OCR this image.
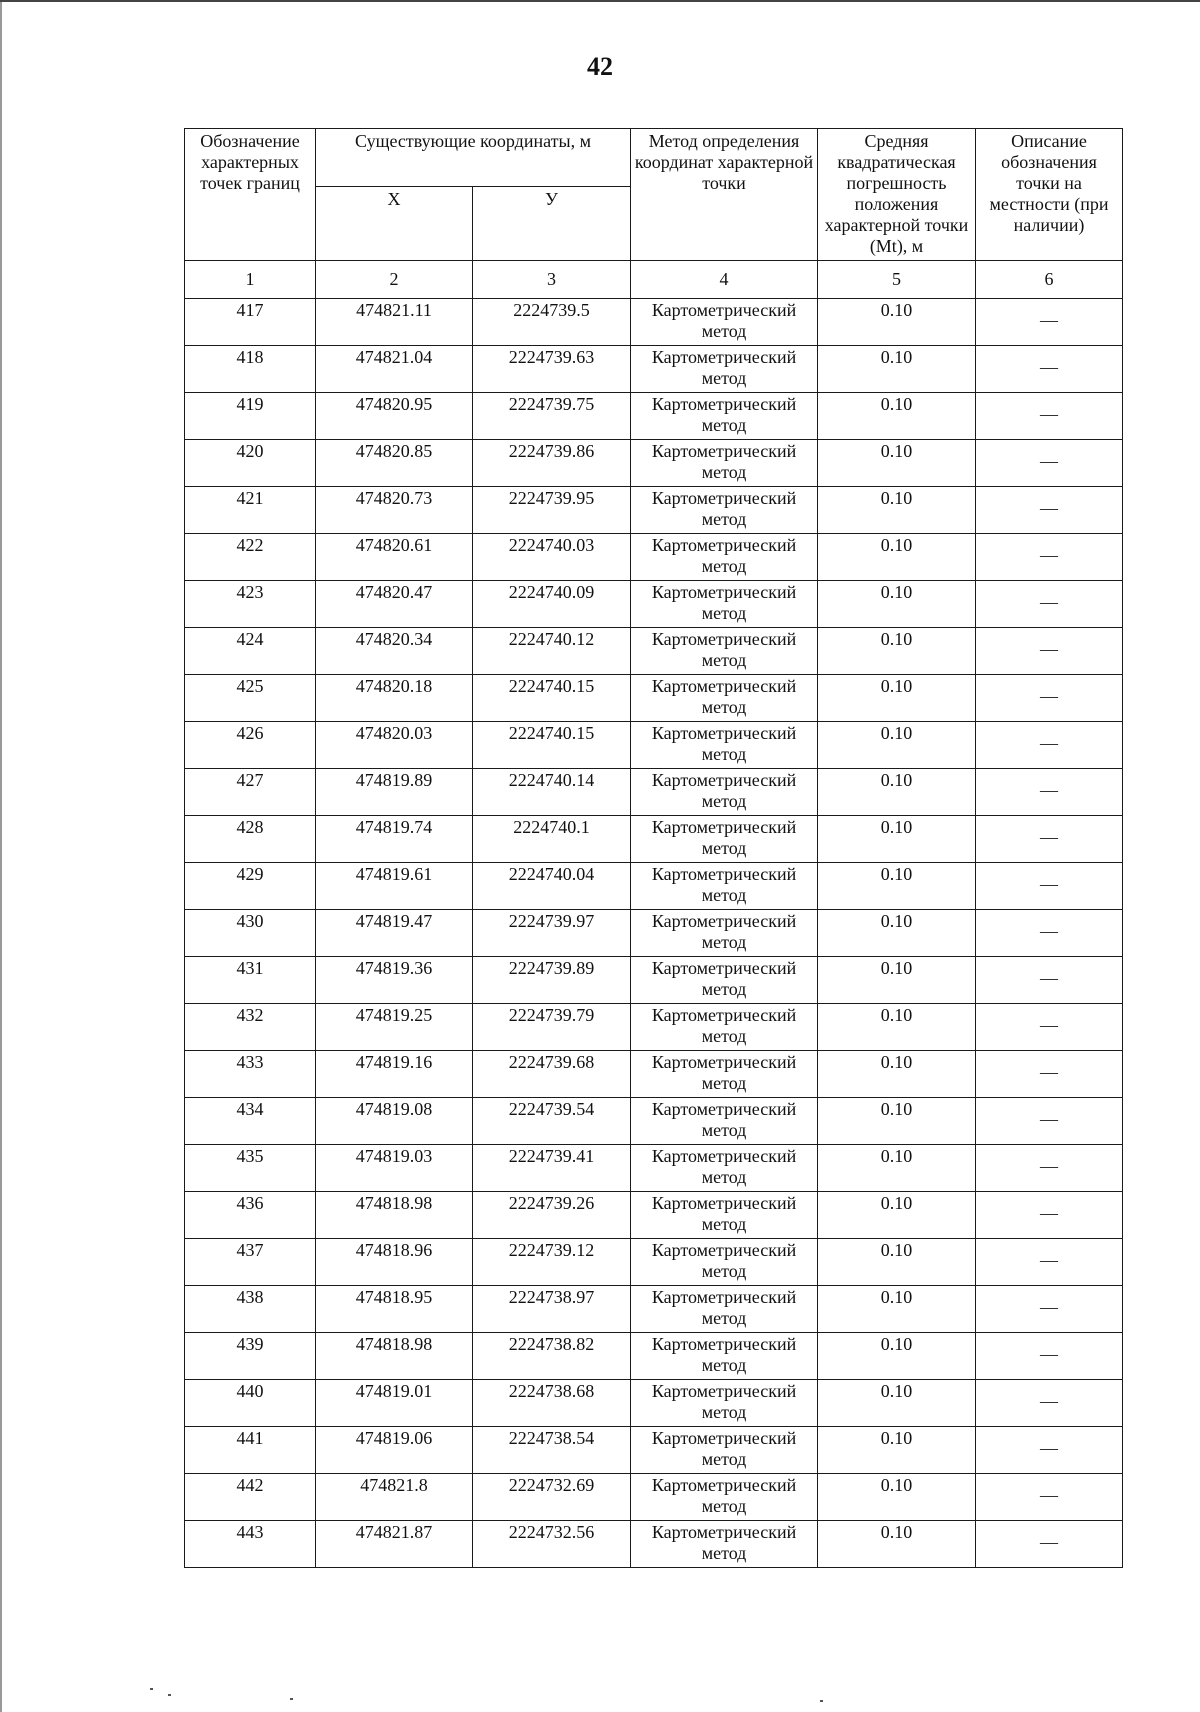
42
Обозначение характерных точек границ	Существующие координаты, м		Метод определения координат характерной точки	Средняя квадратическая погрешность положения характерной точки (Mt), м	Описание обозначения точки на местности (при наличии)
	Х	У			
1	2	3	4	5	6
417	474821.11	2224739.5	Картометрический метод	0.10	—
418	474821.04	2224739.63	Картометрический метод	0.10	—
419	474820.95	2224739.75	Картометрический метод	0.10	—
420	474820.85	2224739.86	Картометрический метод	0.10	—
421	474820.73	2224739.95	Картометрический метод	0.10	—
422	474820.61	2224740.03	Картометрический метод	0.10	—
423	474820.47	2224740.09	Картометрический метод	0.10	—
424	474820.34	2224740.12	Картометрический метод	0.10	—
425	474820.18	2224740.15	Картометрический метод	0.10	—
426	474820.03	2224740.15	Картометрический метод	0.10	—
427	474819.89	2224740.14	Картометрический метод	0.10	—
428	474819.74	2224740.1	Картометрический метод	0.10	—
429	474819.61	2224740.04	Картометрический метод	0.10	—
430	474819.47	2224739.97	Картометрический метод	0.10	—
431	474819.36	2224739.89	Картометрический метод	0.10	—
432	474819.25	2224739.79	Картометрический метод	0.10	—
433	474819.16	2224739.68	Картометрический метод	0.10	—
434	474819.08	2224739.54	Картометрический метод	0.10	—
435	474819.03	2224739.41	Картометрический метод	0.10	—
436	474818.98	2224739.26	Картометрический метод	0.10	—
437	474818.96	2224739.12	Картометрический метод	0.10	—
438	474818.95	2224738.97	Картометрический метод	0.10	—
439	474818.98	2224738.82	Картометрический метод	0.10	—
440	474819.01	2224738.68	Картометрический метод	0.10	—
441	474819.06	2224738.54	Картометрический метод	0.10	—
442	474821.8	2224732.69	Картометрический метод	0.10	—
443	474821.87	2224732.56	Картометрический метод	0.10	—
